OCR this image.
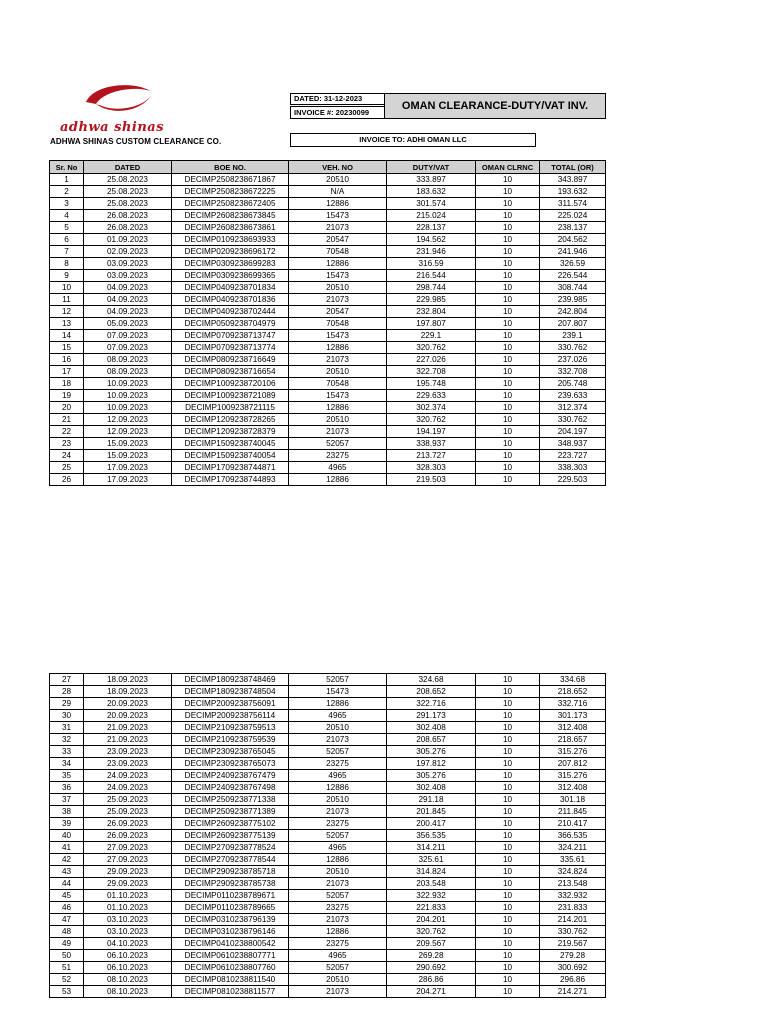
adhwa shinas
ADHWA SHINAS CUSTOM CLEARANCE CO.
DATED: 31-12-2023
INVOICE #: 20230099
OMAN CLEARANCE-DUTY/VAT INV.
INVOICE TO: ADHI OMAN LLC
Sr. No	DATED	BOE NO.	VEH. NO	DUTY/VAT	OMAN CLRNC	TOTAL (OR)
1	25.08.2023	DECIMP2508238671867	20510	333.897	10	343.897
2	25.08.2023	DECIMP2508238672225	N/A	183.632	10	193.632
3	25.08.2023	DECIMP2508238672405	12886	301.574	10	311.574
4	26.08.2023	DECIMP2608238673845	15473	215.024	10	225.024
5	26.08.2023	DECIMP2608238673861	21073	228.137	10	238.137
6	01.09.2023	DECIMP0109238693933	20547	194.562	10	204.562
7	02.09.2023	DECIMP0209238696172	70548	231.946	10	241.946
8	03.09.2023	DECIMP0309238699283	12886	316.59	10	326.59
9	03.09.2023	DECIMP0309238699365	15473	216.544	10	226.544
10	04.09.2023	DECIMP0409238701834	20510	298.744	10	308.744
11	04.09.2023	DECIMP0409238701836	21073	229.985	10	239.985
12	04.09.2023	DECIMP0409238702444	20547	232.804	10	242.804
13	05.09.2023	DECIMP0509238704979	70548	197.807	10	207.807
14	07.09.2023	DECIMP0709238713747	15473	229.1	10	239.1
15	07.09.2023	DECIMP0709238713774	12886	320.762	10	330.762
16	08.09.2023	DECIMP0809238716649	21073	227.026	10	237.026
17	08.09.2023	DECIMP0809238716654	20510	322.708	10	332.708
18	10.09.2023	DECIMP1009238720106	70548	195.748	10	205.748
19	10.09.2023	DECIMP1009238721089	15473	229.633	10	239.633
20	10.09.2023	DECIMP1009238721115	12886	302.374	10	312.374
21	12.09.2023	DECIMP1209238728265	20510	320.762	10	330.762
22	12.09.2023	DECIMP1209238728379	21073	194.197	10	204.197
23	15.09.2023	DECIMP1509238740045	52057	338.937	10	348.937
24	15.09.2023	DECIMP1509238740054	23275	213.727	10	223.727
25	17.09.2023	DECIMP1709238744871	4965	328.303	10	338.303
26	17.09.2023	DECIMP1709238744893	12886	219.503	10	229.503
27	18.09.2023	DECIMP1809238748469	52057	324.68	10	334.68
28	18.09.2023	DECIMP1809238748504	15473	208.652	10	218.652
29	20.09.2023	DECIMP2009238756091	12886	322.716	10	332.716
30	20.09.2023	DECIMP2009238756114	4965	291.173	10	301.173
31	21.09.2023	DECIMP2109238759513	20510	302.408	10	312.408
32	21.09.2023	DECIMP2109238759539	21073	208.657	10	218.657
33	23.09.2023	DECIMP2309238765045	52057	305.276	10	315.276
34	23.09.2023	DECIMP2309238765073	23275	197.812	10	207.812
35	24.09.2023	DECIMP2409238767479	4965	305.276	10	315.276
36	24.09.2023	DECIMP2409238767498	12886	302.408	10	312.408
37	25.09.2023	DECIMP2509238771338	20510	291.18	10	301.18
38	25.09.2023	DECIMP2509238771389	21073	201.845	10	211.845
39	26.09.2023	DECIMP2609238775102	23275	200.417	10	210.417
40	26.09.2023	DECIMP2609238775139	52057	356.535	10	366.535
41	27.09.2023	DECIMP2709238778524	4965	314.211	10	324.211
42	27.09.2023	DECIMP2709238778544	12886	325.61	10	335.61
43	29.09.2023	DECIMP2909238785718	20510	314.824	10	324.824
44	29.09.2023	DECIMP2909238785738	21073	203.548	10	213.548
45	01.10.2023	DECIMP0110238789671	52057	322.932	10	332.932
46	01.10.2023	DECIMP0110238789665	23275	221.833	10	231.833
47	03.10.2023	DECIMP0310238796139	21073	204.201	10	214.201
48	03.10.2023	DECIMP0310238796146	12886	320.762	10	330.762
49	04.10.2023	DECIMP0410238800542	23275	209.567	10	219.567
50	06.10.2023	DECIMP0610238807771	4965	269.28	10	279.28
51	06.10.2023	DECIMP0610238807760	52057	290.692	10	300.692
52	08.10.2023	DECIMP0810238811540	20510	286.86	10	296.86
53	08.10.2023	DECIMP0810238811577	21073	204.271	10	214.271
